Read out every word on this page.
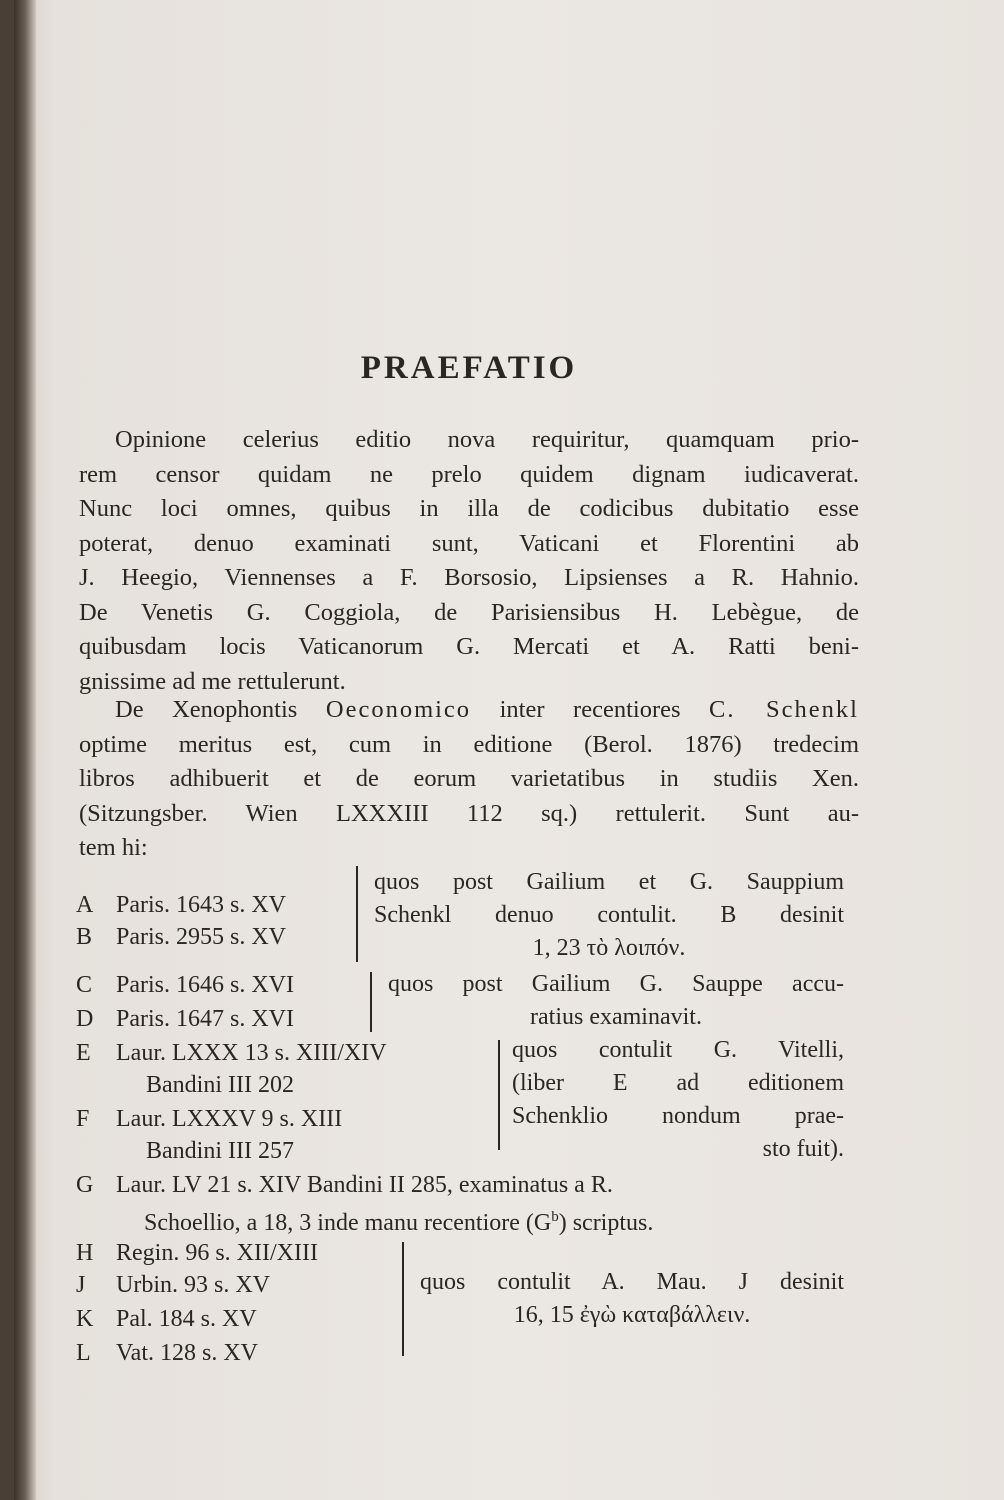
PRAEFATIO
Opinione celerius editio nova requiritur, quamquam prio-
rem censor quidam ne prelo quidem dignam iudicaverat.
Nunc loci omnes, quibus in illa de codicibus dubitatio esse
poterat, denuo examinati sunt, Vaticani et Florentini ab
J. Heegio, Viennenses a F. Borsosio, Lipsienses a R. Hahnio.
De Venetis G. Coggiola, de Parisiensibus H. Lebègue, de
quibusdam locis Vaticanorum G. Mercati et A. Ratti beni-
gnissime ad me rettulerunt.
De Xenophontis Oeconomico inter recentiores C. Schenkl
optime meritus est, cum in editione (Berol. 1876) tredecim
libros adhibuerit et de eorum varietatibus in studiis Xen.
(Sitzungsber. Wien LXXXIII 112 sq.) rettulerit. Sunt au-
tem hi:
A Paris. 1643 s. XV
B Paris. 2955 s. XV
quos post Gailium et G. Sauppium
Schenkl denuo contulit. B desinit
1, 23 τὸ λοιπόν.
C Paris. 1646 s. XVI
D Paris. 1647 s. XVI
quos post Gailium G. Sauppe accu-
ratius examinavit.
E Laur. LXXX 13 s. XIII/XIV
Bandini III 202
F Laur. LXXXV 9 s. XIII
Bandini III 257
quos contulit G. Vitelli,
(liber E ad editionem
Schenklio nondum prae-
sto fuit).
G Laur. LV 21 s. XIV Bandini II 285, examinatus a R.
Schoellio, a 18, 3 inde manu recentiore $(G^b)$ scriptus.
H Regin. 96 s. XII/XIII
J Urbin. 93 s. XV
K Pal. 184 s. XV
L Vat. 128 s. XV
quos contulit A. Mau. J desinit
16, 15 ἐγὼ καταβάλλειν.
